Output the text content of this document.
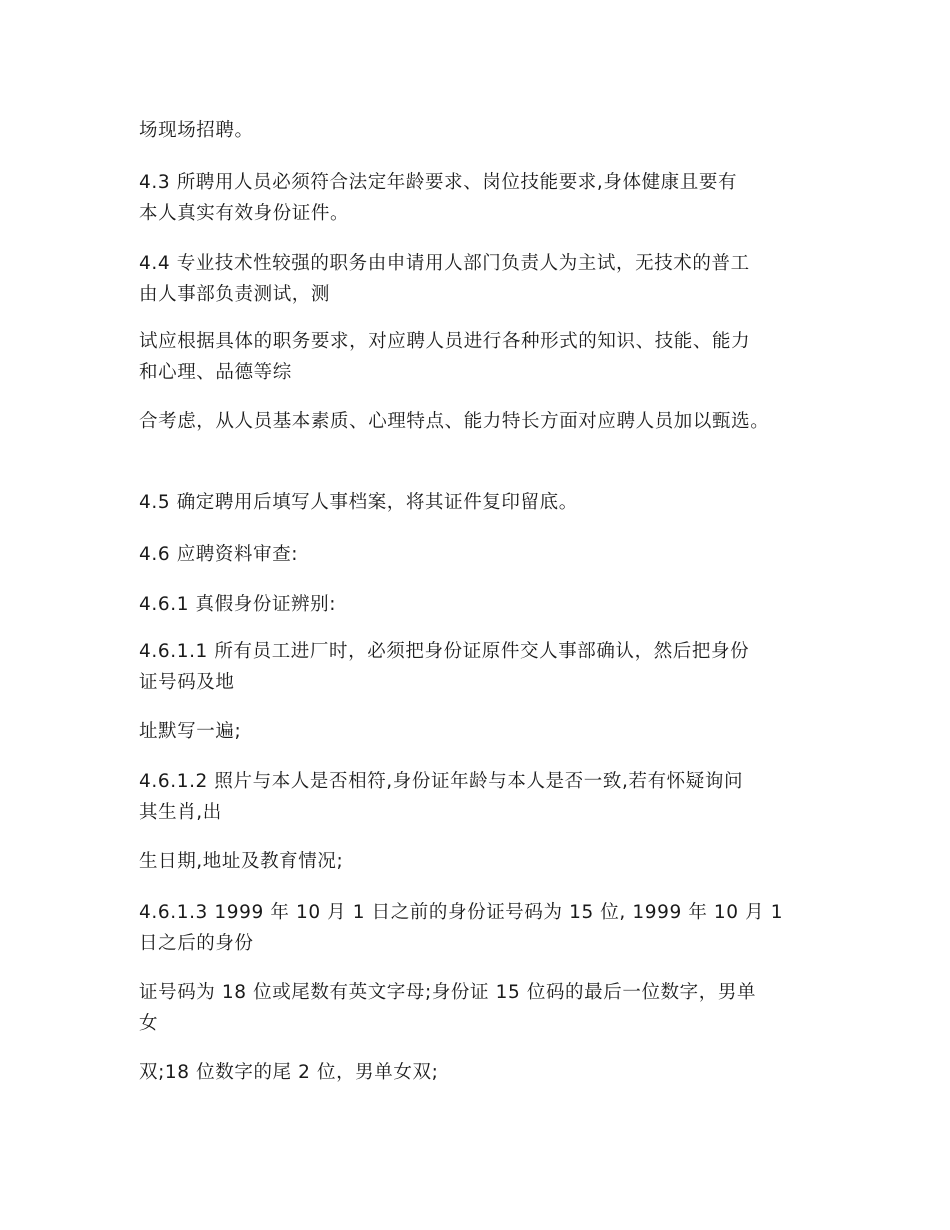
场现场招聘。

4.3 所聘用人员必须符合法定年龄要求、岗位技能要求,身体健康且要有
本人真实有效身份证件。

4.4 专业技术性较强的职务由申请用人部门负责人为主试，无技术的普工
由人事部负责测试，测

试应根据具体的职务要求，对应聘人员进行各种形式的知识、技能、能力
和心理、品德等综

合考虑，从人员基本素质、心理特点、能力特长方面对应聘人员加以甄选。

4.5 确定聘用后填写人事档案，将其证件复印留底。

4.6 应聘资料审查:

4.6.1 真假身份证辨别:

4.6.1.1 所有员工进厂时，必须把身份证原件交人事部确认，然后把身份
证号码及地

址默写一遍;

4.6.1.2 照片与本人是否相符,身份证年龄与本人是否一致,若有怀疑询问
其生肖,出

生日期,地址及教育情况;

4.6.1.3 1999 年 10 月 1 日之前的身份证号码为 15 位, 1999 年 10 月 1
日之后的身份

证号码为 18 位或尾数有英文字母;身份证 15 位码的最后一位数字，男单
女

双;18 位数字的尾 2 位，男单女双;
